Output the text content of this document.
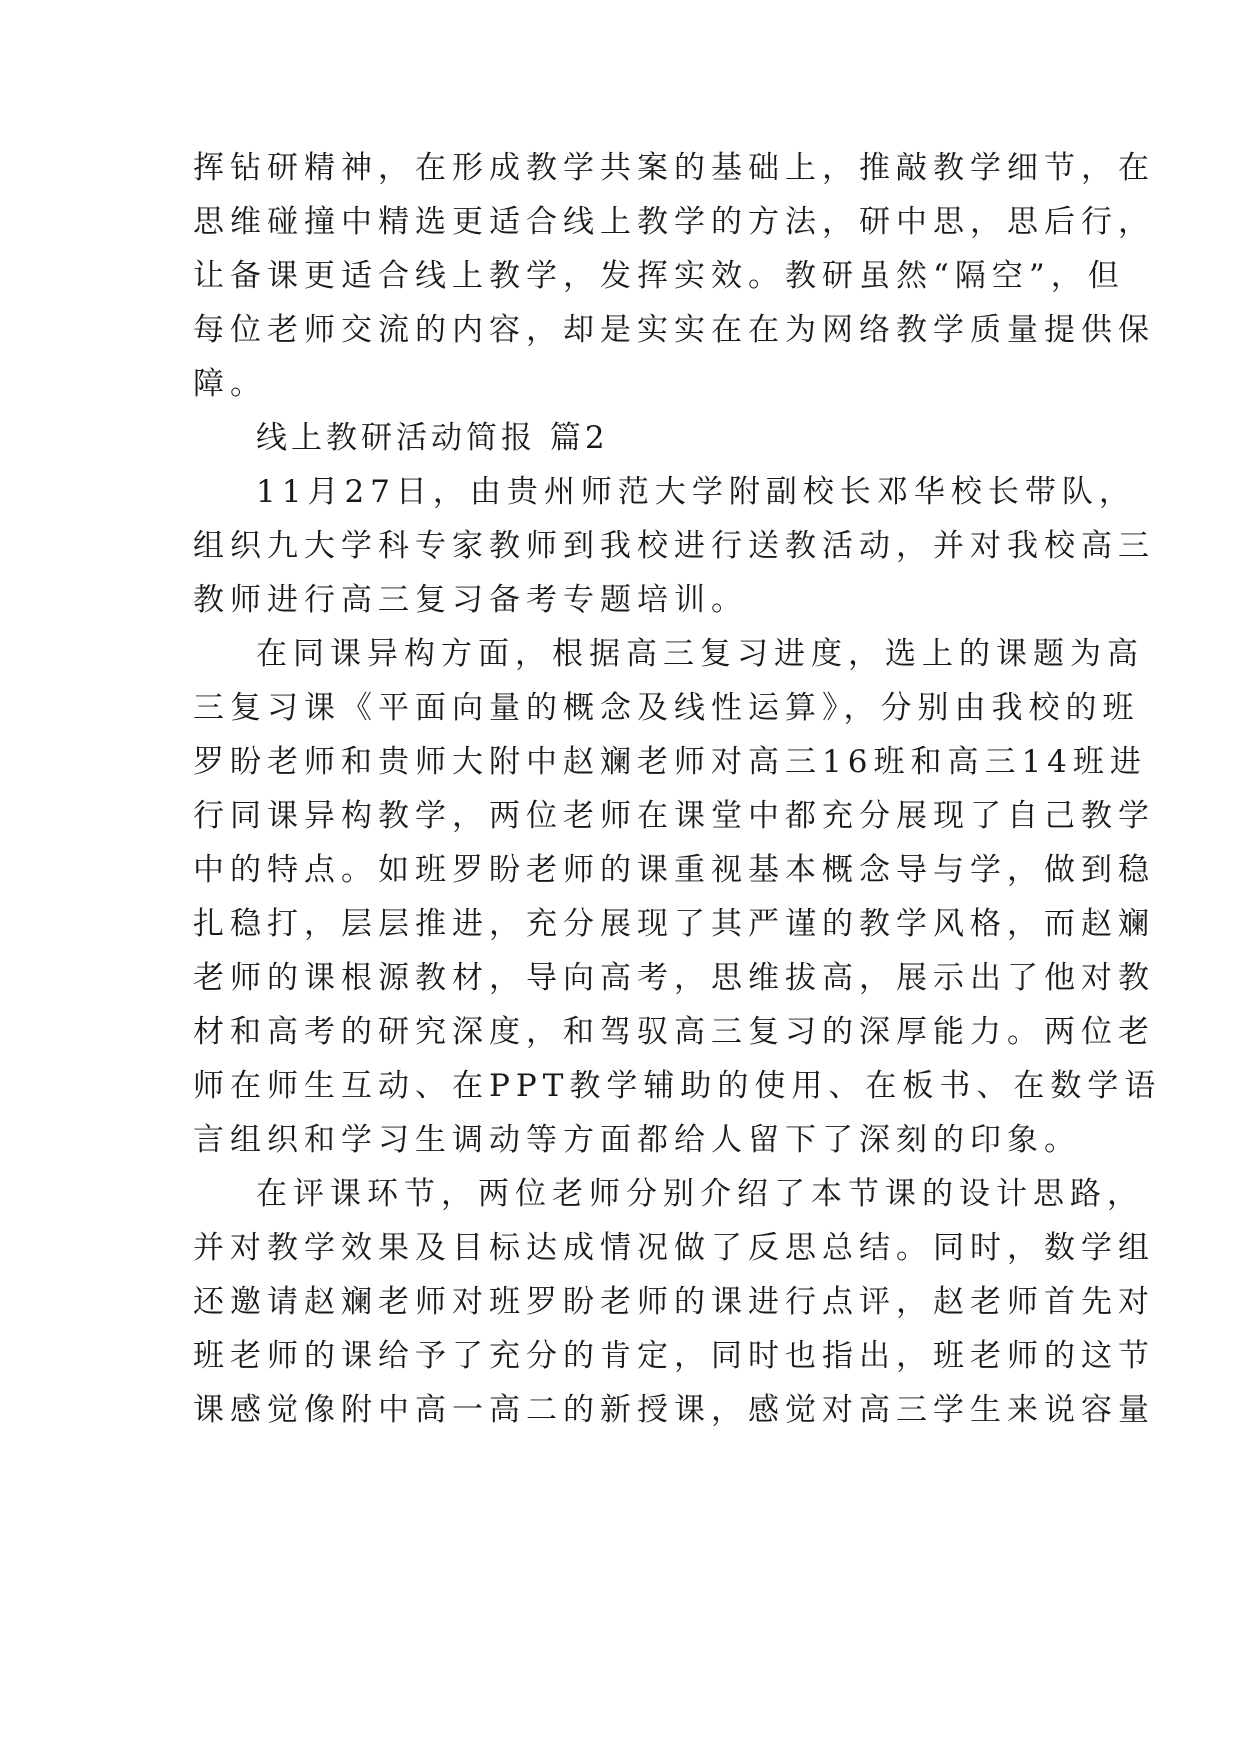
挥钻研精神，在形成教学共案的基础上，推敲教学细节，在
思维碰撞中精选更适合线上教学的方法，研中思，思后行，
让备课更适合线上教学，发挥实效。教研虽然“隔空”，但
每位老师交流的内容，却是实实在在为网络教学质量提供保
障。
线上教研活动简报 篇2
11月27日，由贵州师范大学附副校长邓华校长带队，
组织九大学科专家教师到我校进行送教活动，并对我校高三
教师进行高三复习备考专题培训。
在同课异构方面，根据高三复习进度，选上的课题为高
三复习课《平面向量的概念及线性运算》，分别由我校的班
罗盼老师和贵师大附中赵斓老师对高三16班和高三14班进
行同课异构教学，两位老师在课堂中都充分展现了自己教学
中的特点。如班罗盼老师的课重视基本概念导与学，做到稳
扎稳打，层层推进，充分展现了其严谨的教学风格，而赵斓
老师的课根源教材，导向高考，思维拔高，展示出了他对教
材和高考的研究深度，和驾驭高三复习的深厚能力。两位老
师在师生互动、在PPT教学辅助的使用、在板书、在数学语
言组织和学习生调动等方面都给人留下了深刻的印象。
在评课环节，两位老师分别介绍了本节课的设计思路，
并对教学效果及目标达成情况做了反思总结。同时，数学组
还邀请赵斓老师对班罗盼老师的课进行点评，赵老师首先对
班老师的课给予了充分的肯定，同时也指出，班老师的这节
课感觉像附中高一高二的新授课，感觉对高三学生来说容量
